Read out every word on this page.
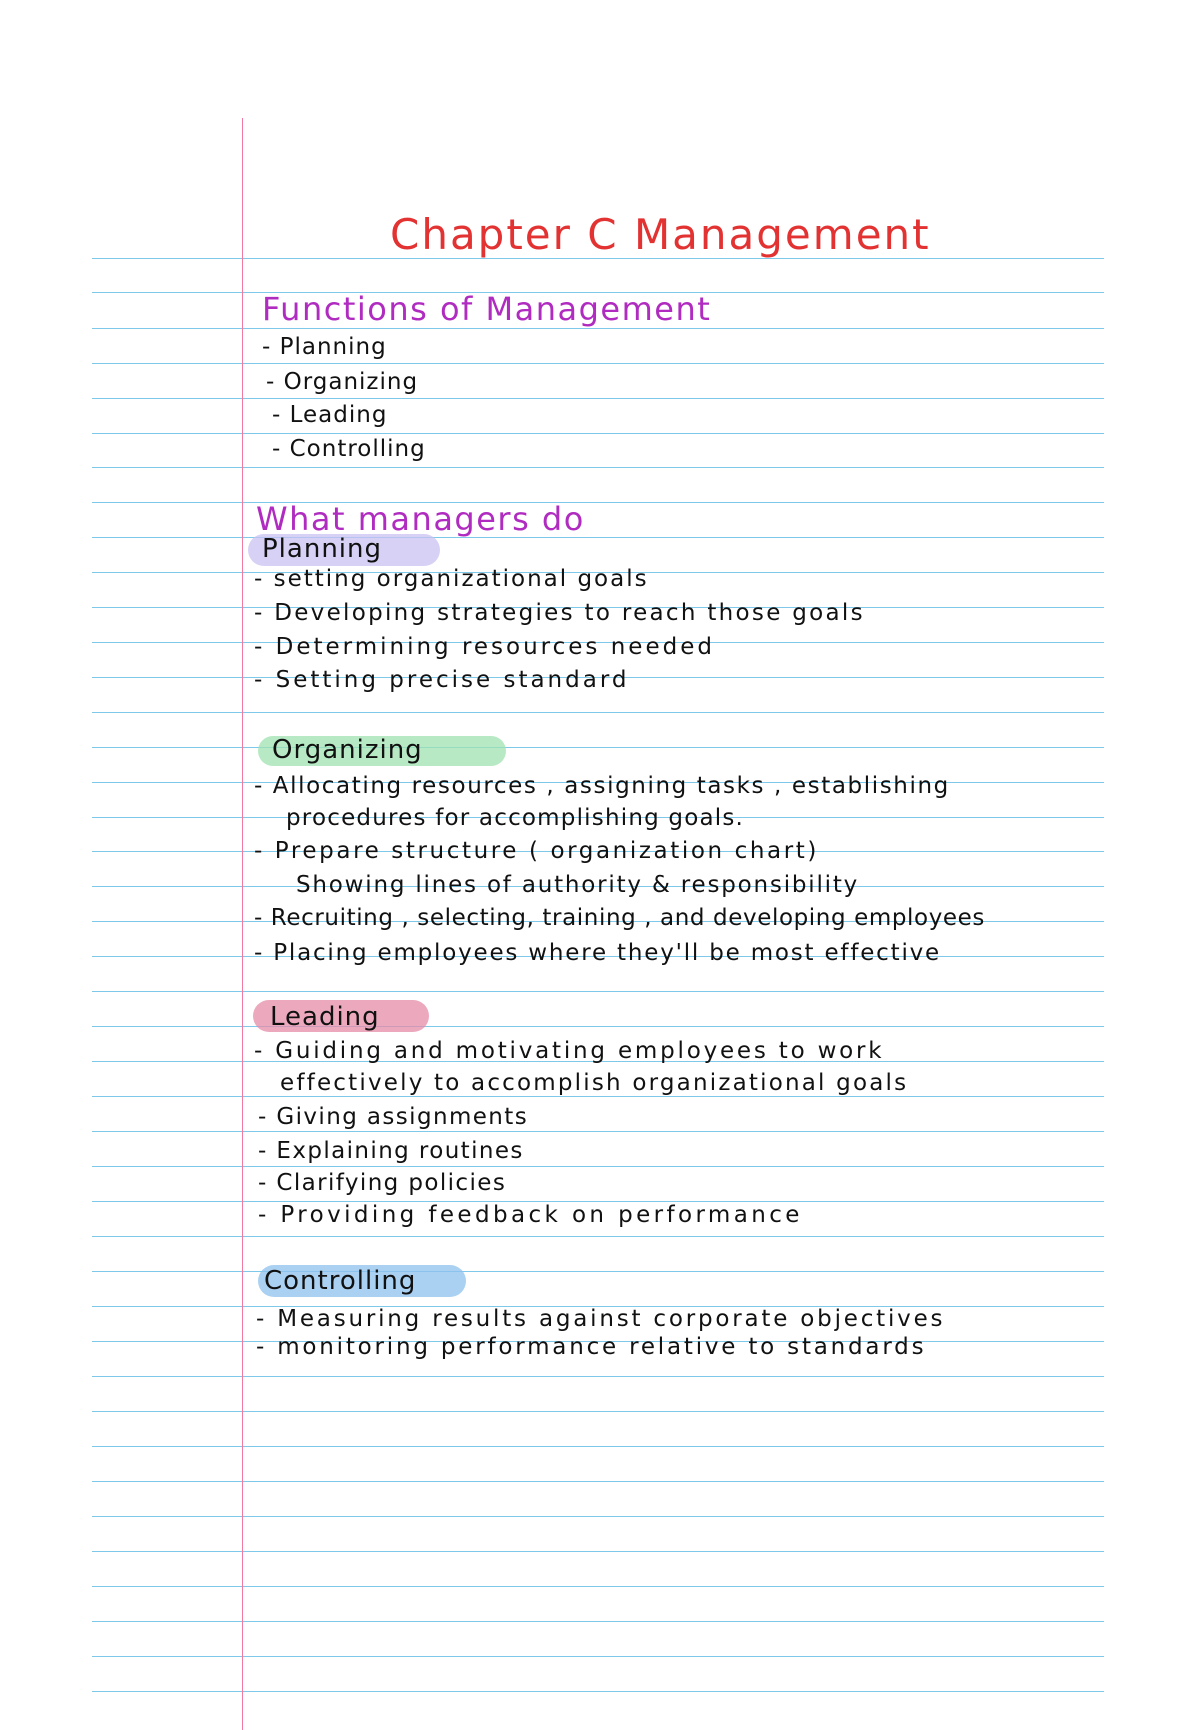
Chapter C Management
Functions of Management
- Planning
- Organizing
- Leading
- Controlling
What managers do
Planning
- setting organizational goals
- Developing strategies to reach those goals
- Determining resources needed
- Setting precise standard
Organizing
- Allocating resources , assigning tasks , establishing
procedures for accomplishing goals.
- Prepare structure ( organization chart)
Showing lines of authority & responsibility
- Recruiting , selecting, training , and developing employees
- Placing employees where they'll be most effective
Leading
- Guiding and motivating employees to work
effectively to accomplish organizational goals
- Giving assignments
- Explaining routines
- Clarifying policies
- Providing feedback on performance
Controlling
- Measuring results against corporate objectives
- monitoring performance relative to standards
